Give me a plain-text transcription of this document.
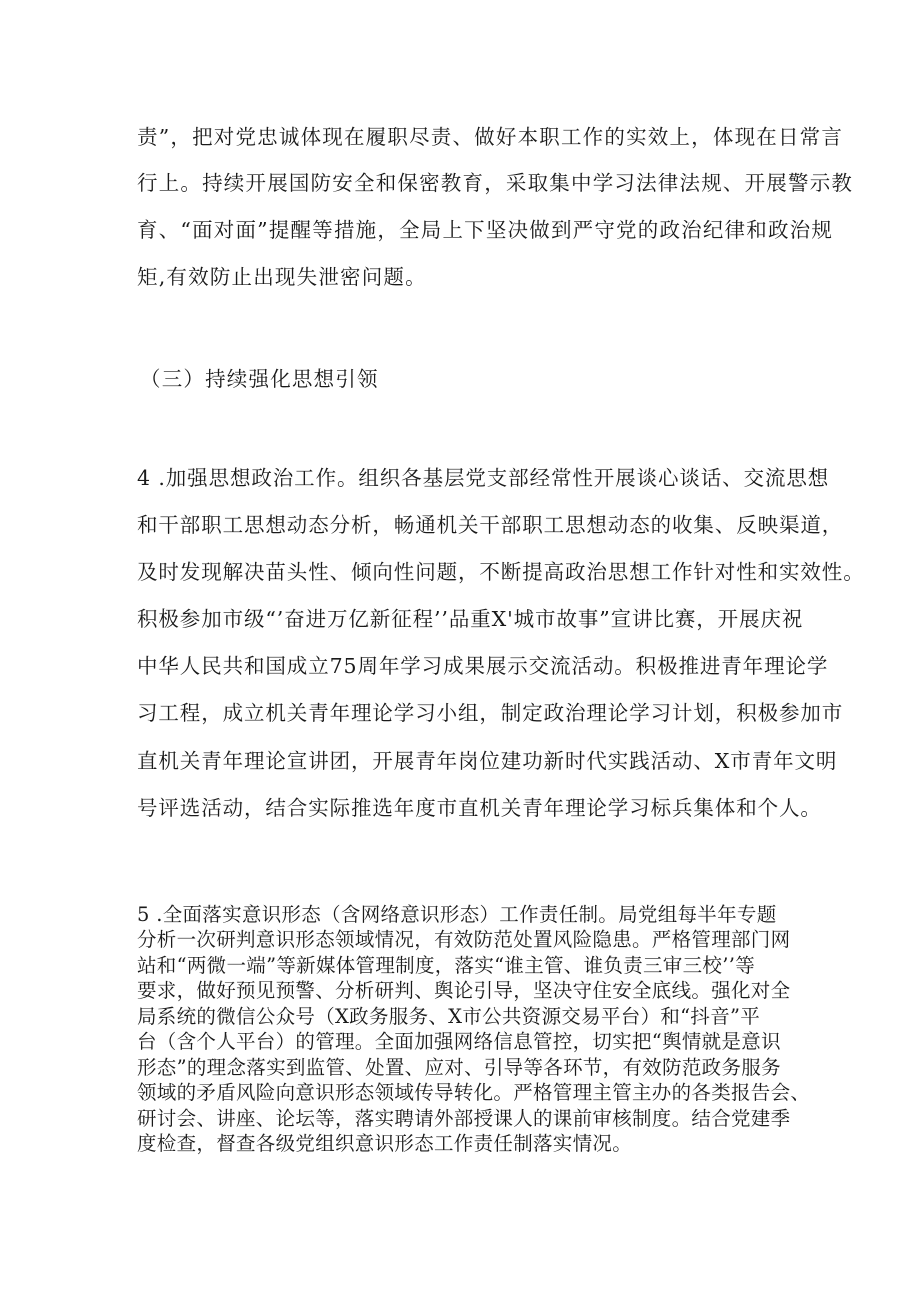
责”，把对党忠诚体现在履职尽责、做好本职工作的实效上，体现在日常言

行上。持续开展国防安全和保密教育，采取集中学习法律法规、开展警示教

育、“面对面”提醒等措施，全局上下坚决做到严守党的政治纪律和政治规

矩,有效防止出现失泄密问题。

（三）持续强化思想引领

4 .加强思想政治工作。组织各基层党支部经常性开展谈心谈话、交流思想

和干部职工思想动态分析，畅通机关干部职工思想动态的收集、反映渠道，

及时发现解决苗头性、倾向性问题，不断提高政治思想工作针对性和实效性。

积极参加市级“’奋进万亿新征程’’品重X'城市故事”宣讲比赛，开展庆祝

中华人民共和国成立75周年学习成果展示交流活动。积极推进青年理论学

习工程，成立机关青年理论学习小组，制定政治理论学习计划，积极参加市

直机关青年理论宣讲团，开展青年岗位建功新时代实践活动、X市青年文明

号评选活动，结合实际推选年度市直机关青年理论学习标兵集体和个人。

5 .全面落实意识形态（含网络意识形态）工作责任制。局党组每半年专题

分析一次研判意识形态领域情况，有效防范处置风险隐患。严格管理部门网

站和“两微一端”等新媒体管理制度，落实“谁主管、谁负责三审三校’’等

要求，做好预见预警、分析研判、舆论引导，坚决守住安全底线。强化对全

局系统的微信公众号（X政务服务、X市公共资源交易平台）和“抖音”平

台（含个人平台）的管理。全面加强网络信息管控，切实把“舆情就是意识

形态”的理念落实到监管、处置、应对、引导等各环节，有效防范政务服务

领域的矛盾风险向意识形态领域传导转化。严格管理主管主办的各类报告会、

研讨会、讲座、论坛等，落实聘请外部授课人的课前审核制度。结合党建季

度检查，督查各级党组织意识形态工作责任制落实情况。
